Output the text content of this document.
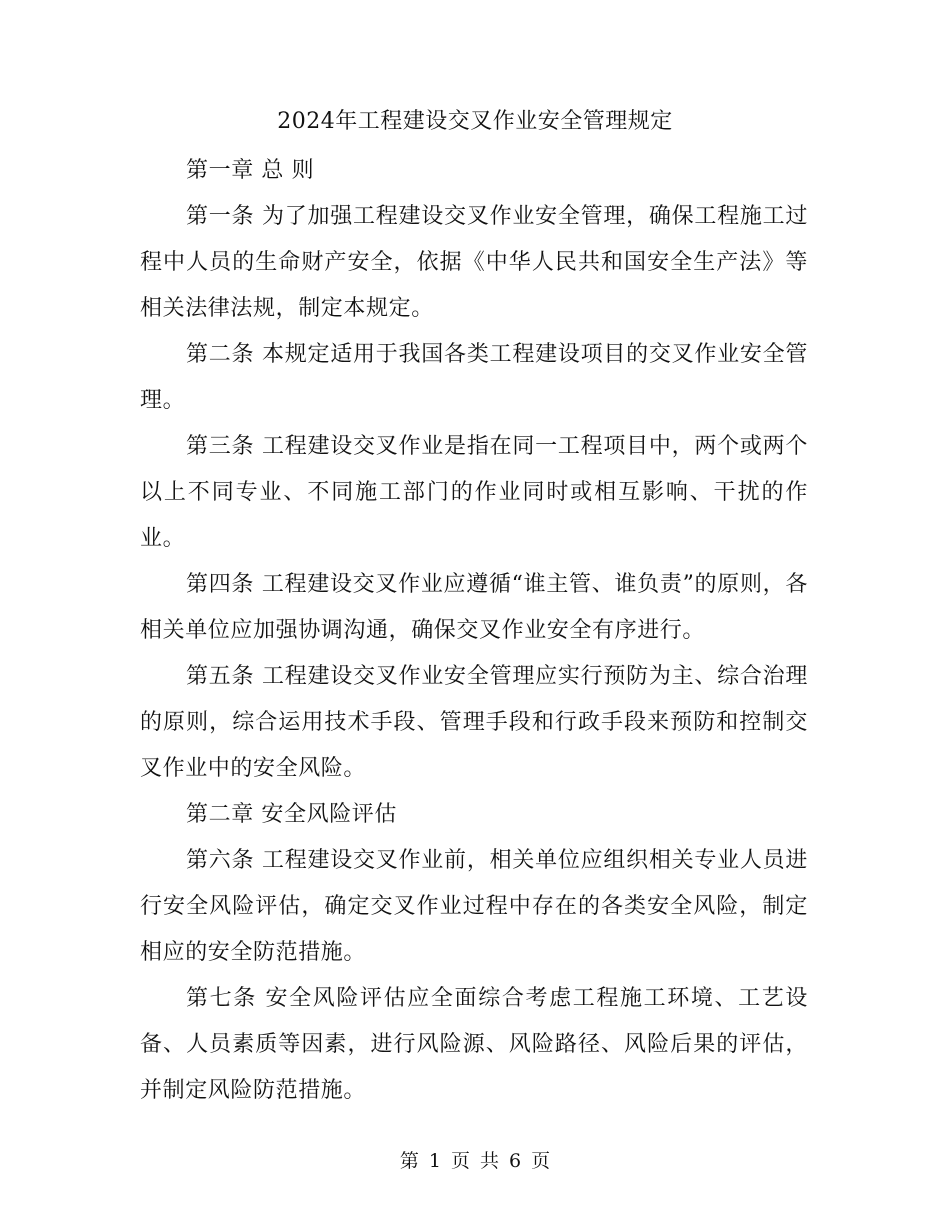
2024年工程建设交叉作业安全管理规定

第一章 总 则

第一条 为了加强工程建设交叉作业安全管理，确保工程施工过程中人员的生命财产安全，依据《中华人民共和国安全生产法》等相关法律法规，制定本规定。

第二条 本规定适用于我国各类工程建设项目的交叉作业安全管理。

第三条 工程建设交叉作业是指在同一工程项目中，两个或两个以上不同专业、不同施工部门的作业同时或相互影响、干扰的作业。

第四条 工程建设交叉作业应遵循“谁主管、谁负责”的原则，各相关单位应加强协调沟通，确保交叉作业安全有序进行。

第五条 工程建设交叉作业安全管理应实行预防为主、综合治理的原则，综合运用技术手段、管理手段和行政手段来预防和控制交叉作业中的安全风险。

第二章 安全风险评估

第六条 工程建设交叉作业前，相关单位应组织相关专业人员进行安全风险评估，确定交叉作业过程中存在的各类安全风险，制定相应的安全防范措施。

第七条 安全风险评估应全面综合考虑工程施工环境、工艺设备、人员素质等因素，进行风险源、风险路径、风险后果的评估，并制定风险防范措施。

第 1 页 共 6 页
